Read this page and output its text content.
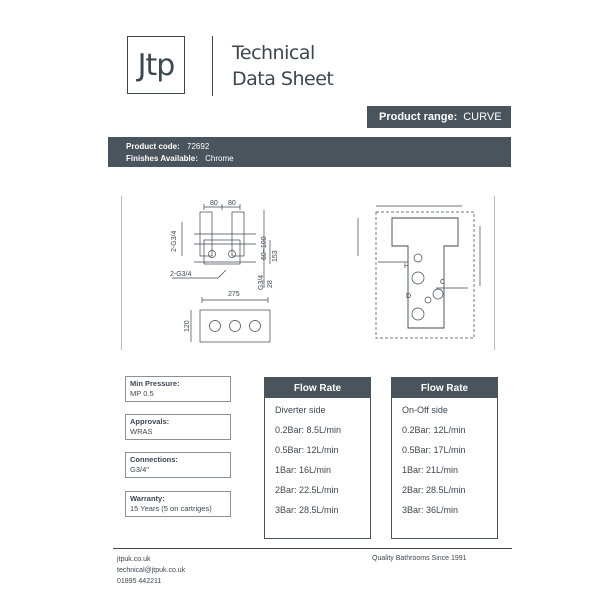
Jtp	Technical
Data Sheet
Product range: CURVE
Product code: 72692
Finishes Available: Chrome
80 80
2-G3/4
2-G3/4
60~100 153
G3/4 28
275
120
H
C
D
Min Pressure:
MP 0.5
Approvals:
WRAS
Connections:
G3/4"
Warranty:
15 Years (5 on cartriges)
Flow Rate
Diverter side
0.2Bar: 8.5L/min
0.5Bar: 12L/min
1Bar: 16L/min
2Bar: 22.5L/min
3Bar: 28.5L/min
Flow Rate
On-Off side
0.2Bar: 12L/min
0.5Bar: 17L/min
1Bar: 21L/min
2Bar: 28.5L/min
3Bar: 36L/min
jtpuk.co.uk
technical@jtpuk.co.uk
01895 442211
Quality Bathrooms Since 1991
